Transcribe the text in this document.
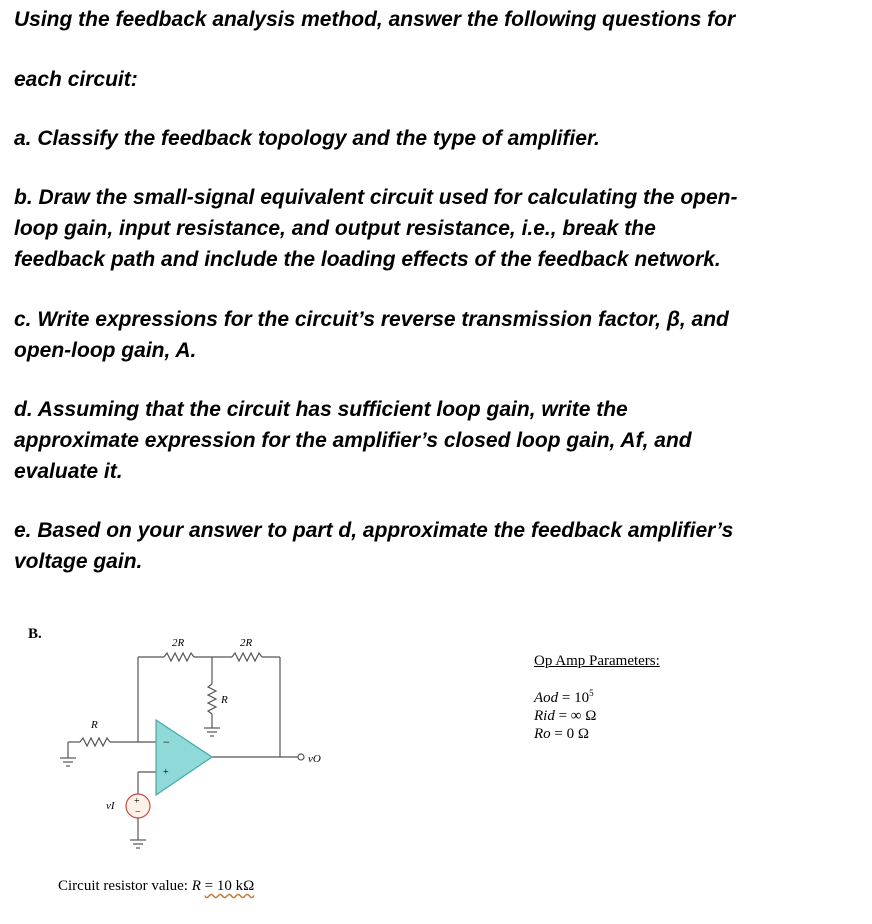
Using the feedback analysis method, answer the following questions for

each circuit:

a. Classify the feedback topology and the type of amplifier.

b. Draw the small-signal equivalent circuit used for calculating the open-

loop gain, input resistance, and output resistance, i.e., break the

feedback path and include the loading effects of the feedback network.

c. Write expressions for the circuit’s reverse transmission factor, β, and

open-loop gain, A.

d. Assuming that the circuit has sufficient loop gain, write the

approximate expression for the amplifier’s closed loop gain, Af, and

evaluate it.

e. Based on your answer to part d, approximate the feedback amplifier’s

voltage gain.

B.
−
+
+
−
2R	2R
R
R
vI
vO
Op Amp Parameters:
Aod = $10^5$
Rid = ∞ Ω
Ro = 0 Ω
Circuit resistor value: R = 10 kΩ
